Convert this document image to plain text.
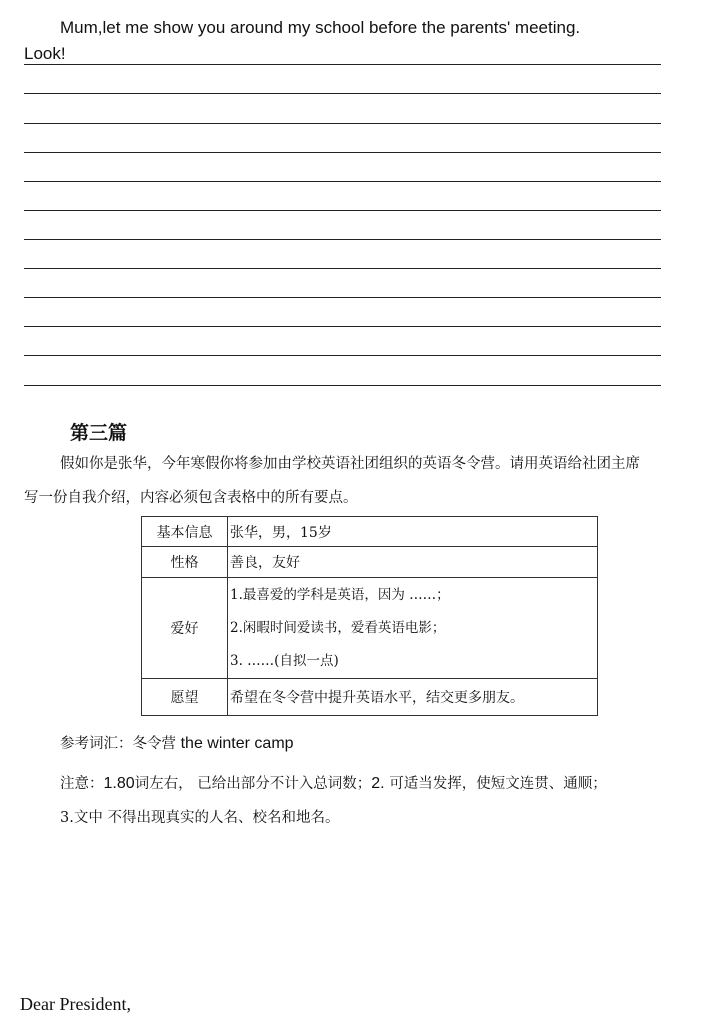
Mum,let me show you around my school before the parents' meeting.
Look!
第三篇
假如你是张华，今年寒假你将参加由学校英语社团组织的英语冬令营。请用英语给社团主席
写一份自我介绍，内容必须包含表格中的所有要点。
基本信息	张华，男，15岁
性格	善良，友好
爱好	1.最喜爱的学科是英语，因为 ……；
2.闲暇时间爱读书，爱看英语电影；
3. ……(自拟一点)

愿望	希望在冬令营中提升英语水平，结交更多朋友。
参考词汇：冬令营 the winter camp
注意：1.80词左右， 已给出部分不计入总词数；2. 可适当发挥，使短文连贯、通顺；
3.文中 不得出现真实的人名、校名和地名。
Dear President,
